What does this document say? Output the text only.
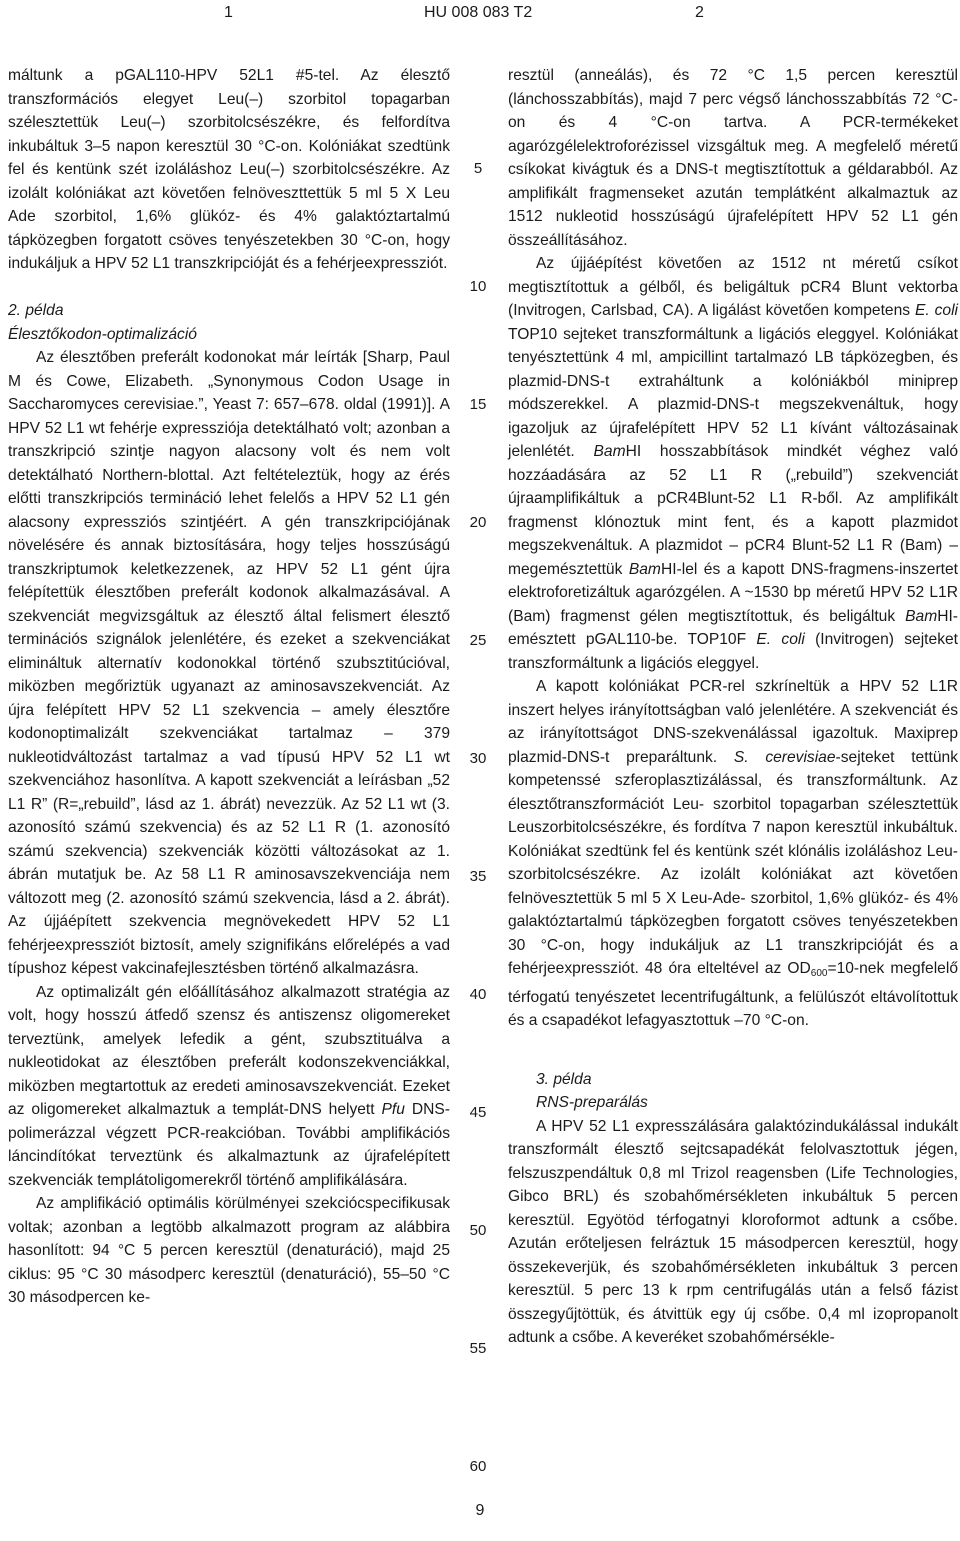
1	HU 008 083 T2	2

máltunk a pGAL110-HPV 52L1 #5-tel. Az élesztő transzformációs elegyet Leu(–) szorbitol topagarban szélesztettük Leu(–) szorbitolcsészékre, és felfordítva inkubáltuk 3–5 napon keresztül 30 °C-on. Kolóniákat szedtünk fel és kentünk szét izoláláshoz Leu(–) szorbitolcsészékre. Az izolált kolóniákat azt követően felnöveszttettük 5 ml 5 X Leu Ade szorbitol, 1,6% glükóz- és 4% galaktóztartalmú tápközegben forgatott csöves tenyészetekben 30 °C-on, hogy indukáljuk a HPV 52 L1 transzkripcióját és a fehérjeexpressziót.

2. példa

Élesztőkodon-optimalizáció

Az élesztőben preferált kodonokat már leírták [Sharp, Paul M és Cowe, Elizabeth. „Synonymous Codon Usage in Saccharomyces cerevisiae.”, Yeast 7: 657–678. oldal (1991)]. A HPV 52 L1 wt fehérje expressziója detektálható volt; azonban a transzkripció szintje nagyon alacsony volt és nem volt detektálható Northern-blottal. Azt feltételeztük, hogy az érés előtti transzkripciós termináció lehet felelős a HPV 52 L1 gén alacsony expressziós szintjéért. A gén transzkripciójának növelésére és annak biztosítására, hogy teljes hosszúságú transzkriptumok keletkezzenek, az HPV 52 L1 gént újra felépítettük élesztőben preferált kodonok alkalmazásával. A szekvenciát megvizsgáltuk az élesztő által felismert élesztő terminációs szignálok jelenlétére, és ezeket a szekvenciákat elimináltuk alternatív kodonokkal történő szubsztitúcióval, miközben megőriztük ugyanazt az aminosavszekvenciát. Az újra felépített HPV 52 L1 szekvencia – amely élesztőre kodonoptimalizált szekvenciákat tartalmaz – 379 nukleotidváltozást tartalmaz a vad típusú HPV 52 L1 wt szekvenciához hasonlítva. A kapott szekvenciát a leírásban „52 L1 R” (R=„rebuild”, lásd az 1. ábrát) nevezzük. Az 52 L1 wt (3. azonosító számú szekvencia) és az 52 L1 R (1. azonosító számú szekvencia) szekvenciák közötti változásokat az 1. ábrán mutatjuk be. Az 58 L1 R aminosavszekvenciája nem változott meg (2. azonosító számú szekvencia, lásd a 2. ábrát). Az újjáépített szekvencia megnövekedett HPV 52 L1 fehérjeexpressziót biztosít, amely szignifikáns előrelépés a vad típushoz képest vakcinafejlesztésben történő alkalmazásra.

Az optimalizált gén előállításához alkalmazott stratégia az volt, hogy hosszú átfedő szensz és antiszensz oligomereket terveztünk, amelyek lefedik a gént, szubsztituálva a nukleotidokat az élesztőben preferált kodonszekvenciákkal, miközben megtartottuk az eredeti aminosavszekvenciát. Ezeket az oligomereket alkalmaztuk a templát-DNS helyett Pfu DNS-polimerázzal végzett PCR-reakcióban. További amplifikációs láncindítókat terveztünk és alkalmaztunk az újrafelépített szekvenciák templátoligomerekről történő amplifikálására.

Az amplifikáció optimális körülményei szekciócspecifikusak voltak; azonban a legtöbb alkalmazott program az alábbira hasonlított: 94 °C 5 percen keresztül (denaturáció), majd 25 ciklus: 95 °C 30 másodperc keresztül (denaturáció), 55–50 °C 30 másodpercen ke-

resztül (anneálás), és 72 °C 1,5 percen keresztül (lánchosszabbítás), majd 7 perc végső lánchosszabbítás 72 °C-on és 4 °C-on tartva. A PCR-termékeket agarózgélelektroforézissel vizsgáltuk meg. A megfelelő méretű csíkokat kivágtuk és a DNS-t megtisztítottuk a géldarabból. Az amplifikált fragmenseket azután templátként alkalmaztuk az 1512 nukleotid hosszúságú újrafelépített HPV 52 L1 gén összeállításához.

Az újjáépítést követően az 1512 nt méretű csíkot megtisztítottuk a gélből, és beligáltuk pCR4 Blunt vektorba (Invitrogen, Carlsbad, CA). A ligálást követően kompetens E. coli TOP10 sejteket transzformáltunk a ligációs eleggyel. Kolóniákat tenyésztettünk 4 ml, ampicillint tartalmazó LB tápközegben, és plazmid-DNS-t extraháltunk a kolóniákból miniprep módszerekkel. A plazmid-DNS-t megszekvenáltuk, hogy igazoljuk az újrafelépített HPV 52 L1 kívánt változásainak jelenlétét. BamHI hosszabbítások mindkét véghez való hozzáadására az 52 L1 R („rebuild”) szekvenciát újraamplifikáltuk a pCR4Blunt-52 L1 R-ből. Az amplifikált fragmenst klónoztuk mint fent, és a kapott plazmidot megszekvenáltuk. A plazmidot – pCR4 Blunt-52 L1 R (Bam) – megemésztettük BamHI-lel és a kapott DNS-fragmens-inszertet elektroforetizáltuk agarózgélen. A ~1530 bp méretű HPV 52 L1R (Bam) fragmenst gélen megtisztítottuk, és beligáltuk BamHI-emésztett pGAL110-be. TOP10F E. coli (Invitrogen) sejteket transzformáltunk a ligációs eleggyel.

A kapott kolóniákat PCR-rel szkríneltük a HPV 52 L1R inszert helyes irányítottságban való jelenlétére. A szekvenciát és az irányítottságot DNS-szekvenálással igazoltuk. Maxiprep plazmid-DNS-t preparáltunk. S. cerevisiae-sejteket tettünk kompetenssé szferoplasztizálással, és transzformáltunk. Az élesztőtranszformációt Leu- szorbitol topagarban szélesztettük Leuszorbitolcsészékre, és fordítva 7 napon keresztül inkubáltuk. Kolóniákat szedtünk fel és kentünk szét klónális izoláláshoz Leu- szorbitolcsészékre. Az izolált kolóniákat azt követően felnövesztettük 5 ml 5 X Leu-Ade- szorbitol, 1,6% glükóz- és 4% galaktóztartalmú tápközegben forgatott csöves tenyészetekben 30 °C-on, hogy indukáljuk az L1 transzkripcióját és a fehérjeexpressziót. 48 óra elteltével az $OD_{600}=10$-nek megfelelő térfogatú tenyészetet lecentrifugáltunk, a felülúszót eltávolítottuk és a csapadékot lefagyasztottuk –70 °C-on.

3. példa

RNS-preparálás

A HPV 52 L1 expresszálására galaktózindukálással indukált transzformált élesztő sejtcsapadékát felolvasztottuk jégen, felszuszpendáltuk 0,8 ml Trizol reagensben (Life Technologies, Gibco BRL) és szobahőmérsékleten inkubáltuk 5 percen keresztül. Egyötöd térfogatnyi kloroformot adtunk a csőbe. Azután erőteljesen felráztuk 15 másodpercen keresztül, hogy összekeverjük, és szobahőmérsékleten inkubáltuk 3 percen keresztül. 5 perc 13 k rpm centrifugálás után a felső fázist összegyűjtöttük, és átvittük egy új csőbe. 0,4 ml izopropanolt adtunk a csőbe. A keveréket szobahőmérsékle-

5
10
15
20
25
30
35
40
45
50
55
60
9
